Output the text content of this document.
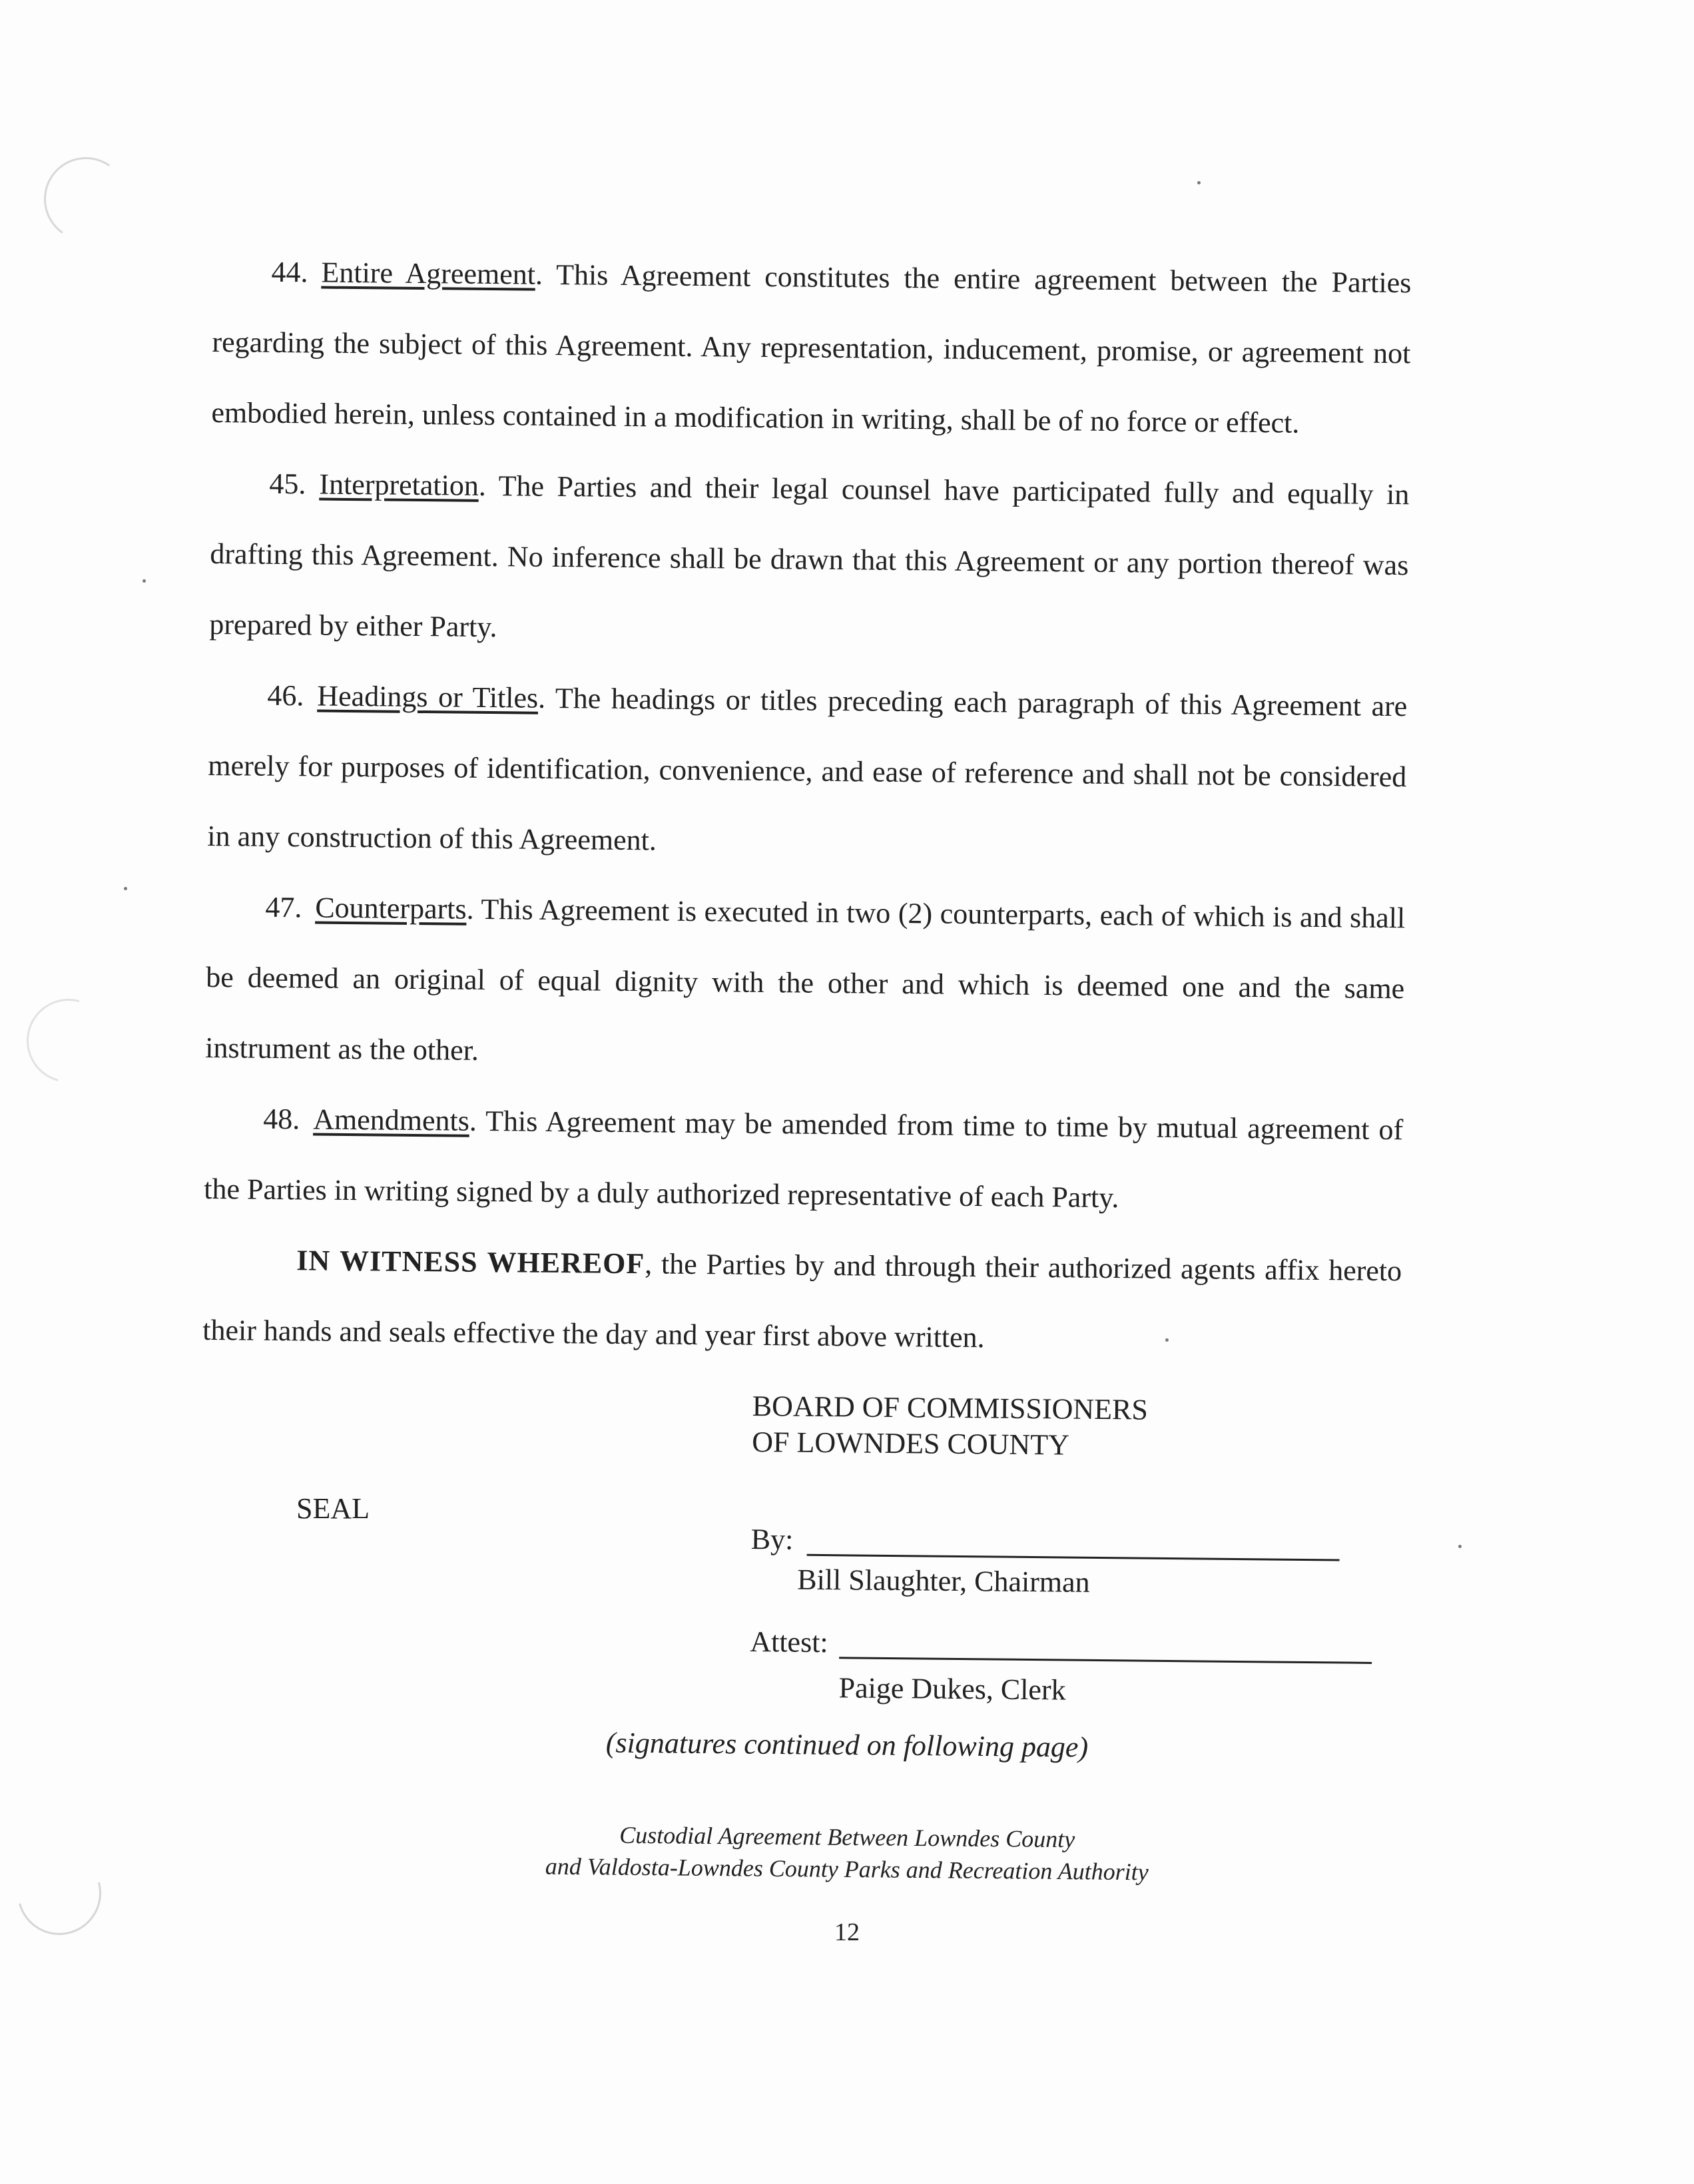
44. Entire Agreement. This Agreement constitutes the entire agreement between the Parties regarding the subject of this Agreement. Any representation, inducement, promise, or agreement not embodied herein, unless contained in a modification in writing, shall be of no force or effect.

45. Interpretation. The Parties and their legal counsel have participated fully and equally in drafting this Agreement. No inference shall be drawn that this Agreement or any portion thereof was prepared by either Party.

46. Headings or Titles. The headings or titles preceding each paragraph of this Agreement are merely for purposes of identification, convenience, and ease of reference and shall not be considered in any construction of this Agreement.

47. Counterparts. This Agreement is executed in two (2) counterparts, each of which is and shall be deemed an original of equal dignity with the other and which is deemed one and the same instrument as the other.

48. Amendments. This Agreement may be amended from time to time by mutual agreement of the Parties in writing signed by a duly authorized representative of each Party.

IN WITNESS WHEREOF, the Parties by and through their authorized agents affix hereto their hands and seals effective the day and year first above written.

SEAL
BOARD OF COMMISSIONERS
OF LOWNDES COUNTY
By:
Bill Slaughter, Chairman
Attest:
Paige Dukes, Clerk
(signatures continued on following page)
Custodial Agreement Between Lowndes County
and Valdosta-Lowndes County Parks and Recreation Authority
12
